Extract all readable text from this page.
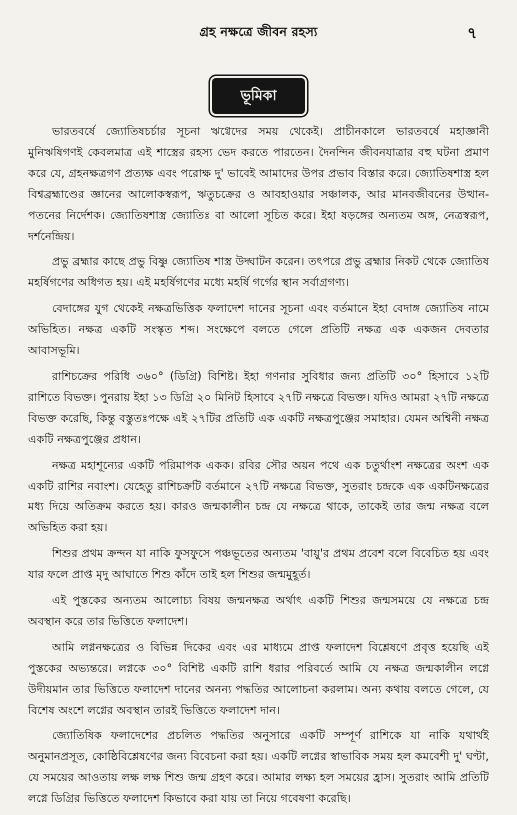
গ্রহ নক্ষত্রে জীবন রহস্য	৭
ভূমিকা

ভারতবর্ষে জ্যোতিষচর্চার সূচনা ঋগ্বেদের সময় থেকেই। প্রাচীনকালে ভারতবর্ষে মহাজ্ঞানী মুনিঋষিগণই কেবলমাত্র এই শাস্ত্রের রহস্য ভেদ করতে পারতেন। দৈনন্দিন জীবনযাত্রার বহু ঘটনা প্রমাণ করে যে, গ্রহনক্ষত্রগণ প্রত্যক্ষ এবং পরোক্ষ দু' ভাবেই আমাদের উপর প্রভাব বিস্তার করে। জ্যোতিষশাস্ত্র হল বিশ্বব্রহ্মাণ্ডের জ্ঞানের আলোকস্বরূপ, ঋতুচক্রের ও আবহাওয়ার সঞ্চালক, আর মানবজীবনের উত্থান-পতনের নির্দেশক। জ্যোতিষশাস্ত্র জ্যোতিঃ বা আলো সূচিত করে। ইহা ষড়ঙ্গের অন্যতম অঙ্গ, নেত্রস্বরূপ, দর্শনেন্দ্রিয়।

প্রভু ব্রহ্মার কাছে প্রভু বিষ্ণু জ্যোতিষ শাস্ত্র উদ্ঘাটন করেন। তৎপরে প্রভু ব্রহ্মার নিকট থেকে জ্যোতিষ মহর্ষিগণের অধিগত হয়। এই মহর্ষিগণের মধ্যে মহর্ষি গর্গের স্থান সর্বাগ্রগণ্য।

বেদাঙ্গের যুগ থেকেই নক্ষত্রভিত্তিক ফলাদেশ দানের সূচনা এবং বর্তমানে ইহা বেদাঙ্গ জ্যোতিষ নামে অভিহিত। নক্ষত্র একটি সংস্কৃত শব্দ। সংক্ষেপে বলতে গেলে প্রতিটি নক্ষত্র এক একজন দেবতার আবাসভূমি।

রাশিচক্রের পরিধি ৩৬০° (ডিগ্রি) বিশিষ্ট। ইহা গণনার সুবিধার জন্য প্রতিটি ৩০° হিসাবে ১২টি রাশিতে বিভক্ত। পুনরায় ইহা ১৩ ডিগ্রি ২০ মিনিট হিসাবে ২৭টি নক্ষত্রে বিভক্ত। যদিও আমরা ২৭টি নক্ষত্রে বিভক্ত করেছি, কিন্তু বস্তুতঃপক্ষে এই ২৭টির প্রতিটি এক একটি নক্ষত্রপুঞ্জের সমাহার। যেমন অশ্বিনী নক্ষত্র একটি নক্ষত্রপুঞ্জের প্রধান।

নক্ষত্র মহাশূন্যের একটি পরিমাপক একক। রবির সৌর অয়ন পথে এক চতুর্থাংশ নক্ষত্রের অংশ এক একটি রাশির নবাংশ। যেহেতু রাশিচক্রটি বর্তমানে ২৭টি নক্ষত্রে বিভক্ত, সুতরাং চন্দ্রকে এক একটিনক্ষত্রের মধ্য দিয়ে অতিক্রম করতে হয়। কারও জন্মকালীন চন্দ্র যে নক্ষত্রে থাকে, তাকেই তার জন্ম নক্ষত্র বলে অভিহিত করা হয়।

শিশুর প্রথম ক্রন্দন যা নাকি ফুসফুসে পঞ্চভূতের অন্যতম 'বায়ু'র প্রথম প্রবেশ বলে বিবেচিত হয় এবং যার ফলে প্রাপ্ত মৃদু আঘাতে শিশু কাঁদে তাই হল শিশুর জন্মমুহূর্ত।

এই পুস্তকের অন্যতম আলোচ্য বিষয় জন্মনক্ষত্র অর্থাৎ একটি শিশুর জন্মসময়ে যে নক্ষত্রে চন্দ্র অবস্থান করে তার ভিত্তিতে ফলাদেশ।

আমি লগ্ননক্ষত্রের ও বিভিন্ন দিকের এবং এর মাধ্যমে প্রাপ্ত ফলাদেশ বিশ্লেষণে প্রবৃত্ত হয়েছি এই পুস্তকের অভ্যন্তরে। লগ্নকে ৩০° বিশিষ্ট একটি রাশি ধরার পরিবর্তে আমি যে নক্ষত্র জন্মকালীন লগ্নে উদীয়মান তার ভিত্তিতে ফলাদেশ দানের অনন্য পদ্ধতির আলোচনা করলাম। অন্য কথায় বলতে গেলে, যে বিশেষ অংশে লগ্নের অবস্থান তারই ভিত্তিতে ফলাদেশ দান।

জ্যোতিষিক ফলাদেশের প্রচলিত পদ্ধতির অনুসারে একটি সম্পূর্ণ রাশিকে যা নাকি যথার্থই অনুমানপ্রসূত, কোষ্ঠিবিশ্লেষণের জন্য বিবেচনা করা হয়। একটি লগ্নের স্বাভাবিক সময় হল কমবেশী দু' ঘণ্টা, যে সময়ের আওতায় লক্ষ লক্ষ শিশু জন্ম গ্রহণ করে। আমার লক্ষ্য হল সময়ের হ্রাস। সুতরাং আমি প্রতিটি লগ্নে ডিগ্রির ভিত্তিতে ফলাদেশ কিভাবে করা যায় তা নিয়ে গবেষণা করেছি।
